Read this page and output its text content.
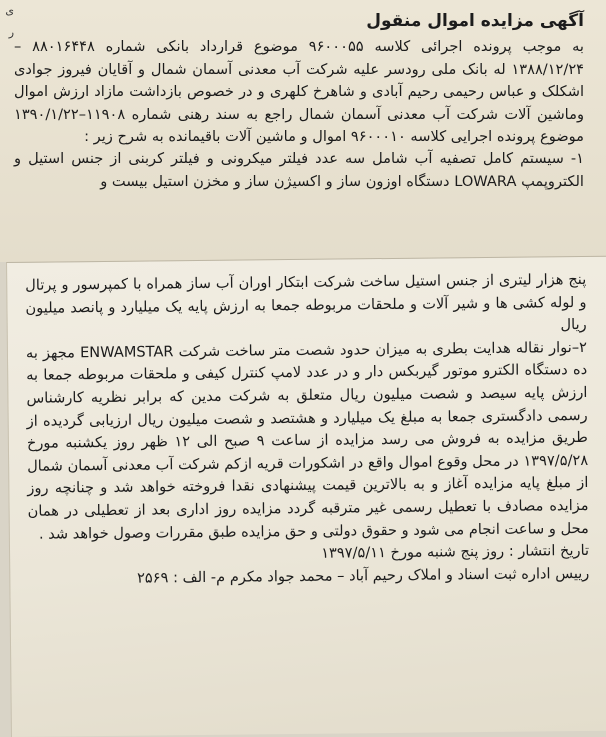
آگهی مزایده اموال منقول

به موجب پرونده اجرائی کلاسه ۹۶۰۰۰۵۵ موضوع قرارداد بانکی شماره ۸۸۰۱۶۴۴۸ – ۱۳۸۸/۱۲/۲۴ له بانک ملی رودسر علیه شرکت آب معدنی آسمان شمال و آقایان فیروز جوادی اشکلک و عباس رحیمی رحیم آبادی و شاهرخ کلهری و در خصوص بازداشت مازاد ارزش اموال وماشین آلات شرکت آب معدنی آسمان شمال راجع به سند رهنی شماره ۱۱۹۰۸–۱۳۹۰/۱/۲۲ موضوع پرونده اجرایی کلاسه ۹۶۰۰۰۱۰ اموال و ماشین آلات باقیمانده به شرح زیر :

۱- سیستم کامل تصفیه آب شامل سه عدد فیلتر میکرونی و فیلتر کربنی از جنس استیل و الکتروپمپ LOWARA دستگاه اوزون ساز و اکسیژن ساز و مخزن استیل بیست و

ی ر

پنج هزار لیتری از جنس استیل ساخت شرکت ابتکار اوران آب ساز همراه با کمپرسور و پرتال و لوله کشی ها و شیر آلات و ملحقات مربوطه جمعا به ارزش پایه یک میلیارد و پانصد میلیون ریال

۲–نوار نقاله هدایت بطری به میزان حدود شصت متر ساخت شرکت ENWAMSTAR مجهز به ده دستگاه الکترو موتور گیربکس دار و در عدد لامپ کنترل کیفی و ملحقات مربوطه جمعا به ارزش پایه سیصد و شصت میلیون ریال متعلق به شرکت مدین که برابر نظریه کارشناس رسمی دادگستری جمعا به مبلغ یک میلیارد و هشتصد و شصت میلیون ریال ارزیابی گردیده از طریق مزایده به فروش می رسد مزایده از ساعت ۹ صبح الی ۱۲ ظهر روز یکشنبه مورخ ۱۳۹۷/۵/۲۸ در محل وقوع اموال واقع در اشکورات قریه ازکم شرکت آب معدنی آسمان شمال از مبلغ پایه مزایده آغاز و به بالاترین قیمت پیشنهادی نقدا فروخته خواهد شد و چنانچه روز مزایده مصادف با تعطیل رسمی غیر مترقبه گردد مزایده روز اداری بعد از تعطیلی در همان محل و ساعت انجام می شود و حقوق دولتی و حق مزایده طبق مقررات وصول خواهد شد .

تاریخ انتشار : روز پنج شنبه مورخ ۱۳۹۷/۵/۱۱

رییس اداره ثبت اسناد و املاک رحیم آباد – محمد جواد مکرم م- الف : ۲۵۶۹
